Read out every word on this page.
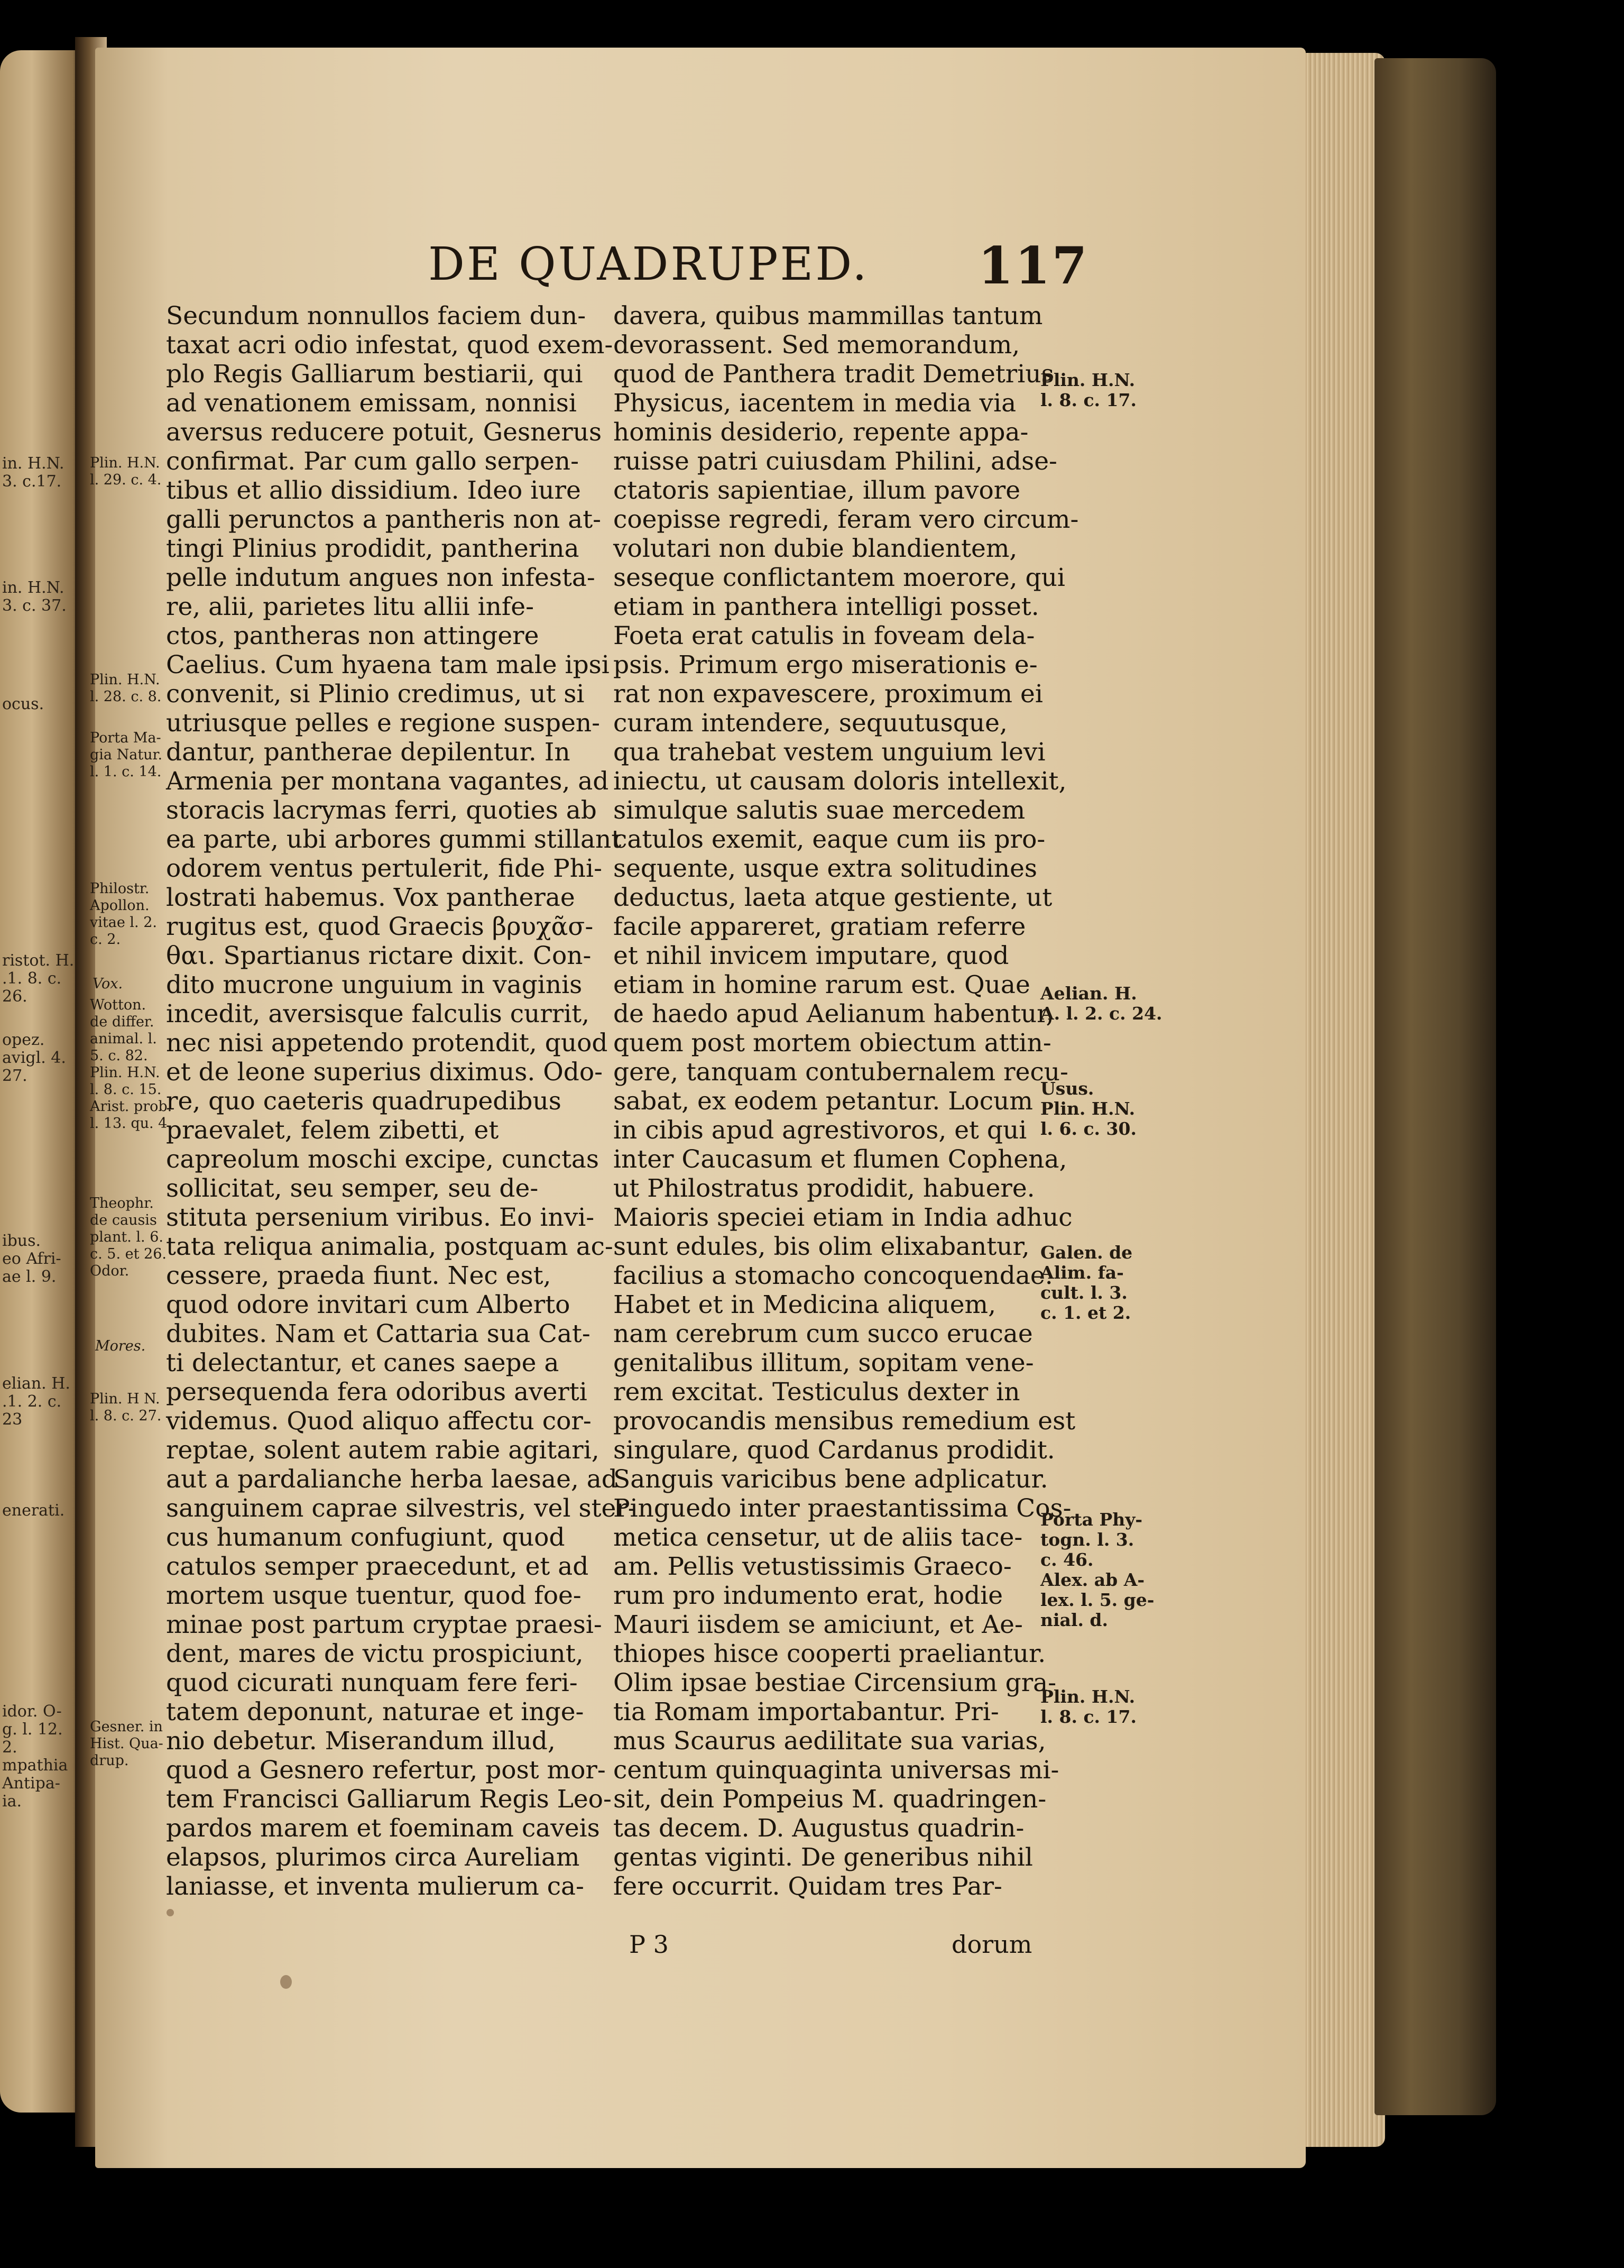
in. H.N.
3. c.17.
in. H.N.
3. c. 37.
ocus.
ristot. H.
.1. 8. c. 26.
opez.
avigl. 4.
27.
ibus.
eo Afri-
ae l. 9.
elian. H.
.1. 2. c. 23
enerati.
idor. O-
g. l. 12.
2.
mpathia
Antipa-
ia.
DE QUADRUPED. 117
Secundum nonnullos faciem dun-
taxat acri odio infestat, quod exem-
plo Regis Galliarum bestiarii, qui
ad venationem emissam, nonnisi
aversus reducere potuit, Gesnerus
confirmat. Par cum gallo serpen-
tibus et allio dissidium. Ideo iure
galli perunctos a pantheris non at-
tingi Plinius prodidit, pantherina
pelle indutum angues non infesta-
re, alii, parietes litu allii infe-
ctos, pantheras non attingere
Caelius. Cum hyaena tam male ipsi
convenit, si Plinio credimus, ut si
utriusque pelles e regione suspen-
dantur, pantherae depilentur. In
Armenia per montana vagantes, ad
storacis lacrymas ferri, quoties ab
ea parte, ubi arbores gummi stillant
odorem ventus pertulerit, fide Phi-
lostrati habemus. Vox pantherae
rugitus est, quod Graecis βρυχᾶσ-
θαι. Spartianus rictare dixit. Con-
dito mucrone unguium in vaginis
incedit, aversisque falculis currit,
nec nisi appetendo protendit, quod
et de leone superius diximus. Odo-
re, quo caeteris quadrupedibus
praevalet, felem zibetti, et
capreolum moschi excipe, cunctas
sollicitat, seu semper, seu de-
stituta persenium viribus. Eo invi-
tata reliqua animalia, postquam ac-
cessere, praeda fiunt. Nec est,
quod odore invitari cum Alberto
dubites. Nam et Cattaria sua Cat-
ti delectantur, et canes saepe a
persequenda fera odoribus averti
videmus. Quod aliquo affectu cor-
reptae, solent autem rabie agitari,
aut a pardalianche herba laesae, ad
sanguinem caprae silvestris, vel ster-
cus humanum confugiunt, quod
catulos semper praecedunt, et ad
mortem usque tuentur, quod foe-
minae post partum cryptae praesi-
dent, mares de victu prospiciunt,
quod cicurati nunquam fere feri-
tatem deponunt, naturae et inge-
nio debetur. Miserandum illud,
quod a Gesnero refertur, post mor-
tem Francisci Galliarum Regis Leo-
pardos marem et foeminam caveis
elapsos, plurimos circa Aureliam
laniasse, et inventa mulierum ca-
davera, quibus mammillas tantum
devorassent. Sed memorandum,
quod de Panthera tradit Demetrius
Physicus, iacentem in media via
hominis desiderio, repente appa-
ruisse patri cuiusdam Philini, adse-
ctatoris sapientiae, illum pavore
coepisse regredi, feram vero circum-
volutari non dubie blandientem,
seseque conflictantem moerore, qui
etiam in panthera intelligi posset.
Foeta erat catulis in foveam dela-
psis. Primum ergo miserationis e-
rat non expavescere, proximum ei
curam intendere, sequutusque,
qua trahebat vestem unguium levi
iniectu, ut causam doloris intellexit,
simulque salutis suae mercedem
catulos exemit, eaque cum iis pro-
sequente, usque extra solitudines
deductus, laeta atque gestiente, ut
facile appareret, gratiam referre
et nihil invicem imputare, quod
etiam in homine rarum est. Quae
de haedo apud Aelianum habentur,
quem post mortem obiectum attin-
gere, tanquam contubernalem recu-
sabat, ex eodem petantur. Locum
in cibis apud agrestivoros, et qui
inter Caucasum et flumen Cophena,
ut Philostratus prodidit, habuere.
Maioris speciei etiam in India adhuc
sunt edules, bis olim elixabantur,
facilius a stomacho concoquendae.
Habet et in Medicina aliquem,
nam cerebrum cum succo erucae
genitalibus illitum, sopitam vene-
rem excitat. Testiculus dexter in
provocandis mensibus remedium est
singulare, quod Cardanus prodidit.
Sanguis varicibus bene adplicatur.
Pinguedo inter praestantissima Cos-
metica censetur, ut de aliis tace-
am. Pellis vetustissimis Graeco-
rum pro indumento erat, hodie
Mauri iisdem se amiciunt, et Ae-
thiopes hisce cooperti praeliantur.
Olim ipsae bestiae Circensium gra-
tia Romam importabantur. Pri-
mus Scaurus aedilitate sua varias,
centum quinquaginta universas mi-
sit, dein Pompeius M. quadringen-
tas decem. D. Augustus quadrin-
gentas viginti. De generibus nihil
fere occurrit. Quidam tres Par-
Plin. H.N.
l. 29. c. 4.
Plin. H.N.
l. 28. c. 8.
Porta Ma-
gia Natur.
l. 1. c. 14.
Philostr.
Apollon.
vitae l. 2.
c. 2.
Vox.
Wotton.
de differ.
animal. l.
5. c. 82.
Plin. H.N.
l. 8. c. 15.
Arist. prob.
l. 13. qu. 4.
Theophr.
de causis
plant. l. 6.
c. 5. et 26.
Odor.
Mores.
Plin. H N.
l. 8. c. 27.
Gesner. in
Hist. Qua-
drup.
Plin. H.N.
l. 8. c. 17.
Aelian. H.
A. l. 2. c. 24.
Usus.
Plin. H.N.
l. 6. c. 30.
Galen. de
Alim. fa-
cult. l. 3.
c. 1. et 2.
Porta Phy-
togn. l. 3.
c. 46.
Alex. ab A-
lex. l. 5. ge-
nial. d.
Plin. H.N.
l. 8. c. 17.
P 3	dorum
